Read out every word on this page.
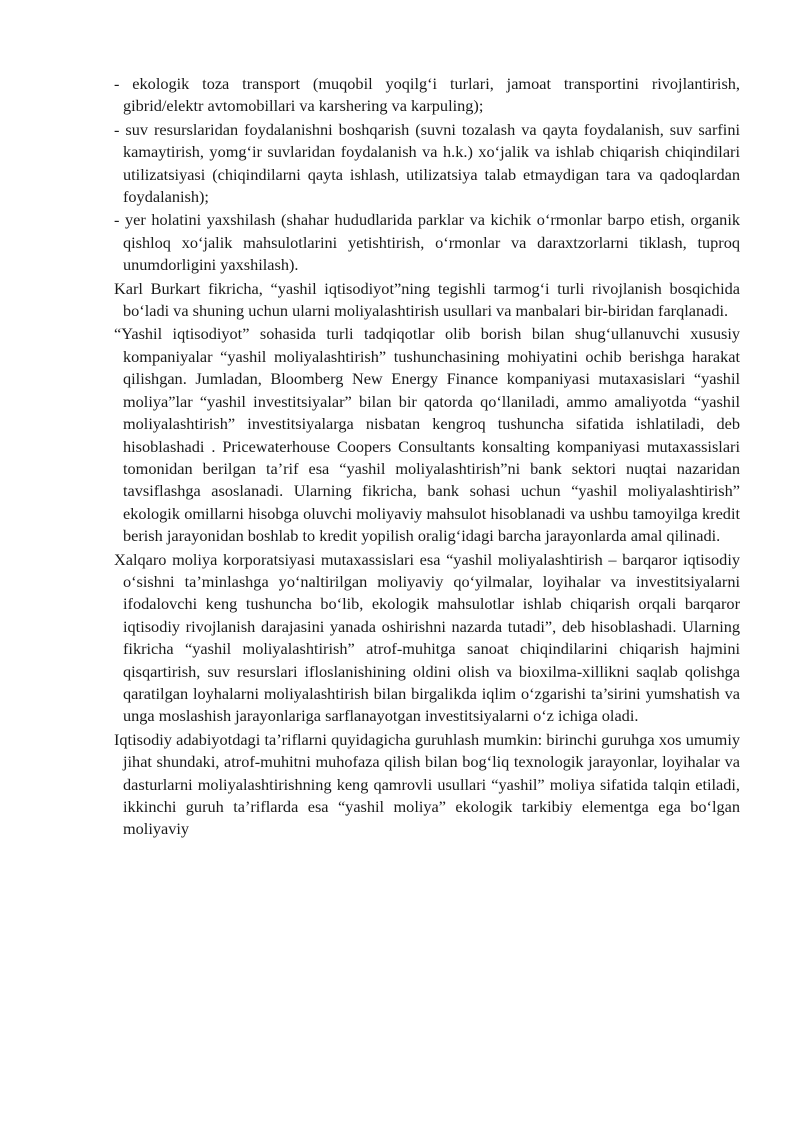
- ekologik toza transport (muqobil yoqilg‘i turlari, jamoat transportini rivojlantirish, gibrid/elektr avtomobillari va karshering va karpuling);

- suv resurslaridan foydalanishni boshqarish (suvni tozalash va qayta foydalanish, suv sarfini kamaytirish, yomg‘ir suvlaridan foydalanish va h.k.) xo‘jalik va ishlab chiqarish chiqindilari utilizatsiyasi (chiqindilarni qayta ishlash, utilizatsiya talab etmaydigan tara va qadoqlardan foydalanish);

- yer holatini yaxshilash (shahar hududlarida parklar va kichik o‘rmonlar barpo etish, organik qishloq xo‘jalik mahsulotlarini yetishtirish, o‘rmonlar va daraxtzorlarni tiklash, tuproq unumdorligini yaxshilash).

Karl Burkart fikricha, “yashil iqtisodiyot”ning tegishli tarmog‘i turli rivojlanish bosqichida bo‘ladi va shuning uchun ularni moliyalashtirish usullari va manbalari bir-biridan farqlanadi.

“Yashil iqtisodiyot” sohasida turli tadqiqotlar olib borish bilan shug‘ullanuvchi xususiy kompaniyalar “yashil moliyalashtirish” tushunchasining mohiyatini ochib berishga harakat qilishgan. Jumladan, Bloomberg New Energy Finance kompaniyasi mutaxasislari “yashil moliya”lar “yashil investitsiyalar” bilan bir qatorda qo‘llaniladi, ammo amaliyotda “yashil moliyalashtirish” investitsiyalarga nisbatan kengroq tushuncha sifatida ishlatiladi, deb hisoblashadi . Pricewaterhouse Coopers Consultants konsalting kompaniyasi mutaxassislari tomonidan berilgan ta’rif esa “yashil moliyalashtirish”ni bank sektori nuqtai nazaridan tavsiflashga asoslanadi. Ularning fikricha, bank sohasi uchun “yashil moliyalashtirish” ekologik omillarni hisobga oluvchi moliyaviy mahsulot hisoblanadi va ushbu tamoyilga kredit berish jarayonidan boshlab to kredit yopilish oralig‘idagi barcha jarayonlarda amal qilinadi.

Xalqaro moliya korporatsiyasi mutaxassislari esa “yashil moliyalashtirish – barqaror iqtisodiy o‘sishni ta’minlashga yo‘naltirilgan moliyaviy qo‘yilmalar, loyihalar va investitsiyalarni ifodalovchi keng tushuncha bo‘lib, ekologik mahsulotlar ishlab chiqarish orqali barqaror iqtisodiy rivojlanish darajasini yanada oshirishni nazarda tutadi”, deb hisoblashadi. Ularning fikricha “yashil moliyalashtirish” atrof-muhitga sanoat chiqindilarini chiqarish hajmini qisqartirish, suv resurslari ifloslanishining oldini olish va bioxilma-xillikni saqlab qolishga qaratilgan loyhalarni moliyalashtirish bilan birgalikda iqlim o‘zgarishi ta’sirini yumshatish va unga moslashish jarayonlariga sarflanayotgan investitsiyalarni o‘z ichiga oladi.

Iqtisodiy adabiyotdagi ta’riflarni quyidagicha guruhlash mumkin: birinchi guruhga xos umumiy jihat shundaki, atrof-muhitni muhofaza qilish bilan bog‘liq texnologik jarayonlar, loyihalar va dasturlarni moliyalashtirishning keng qamrovli usullari “yashil” moliya sifatida talqin etiladi, ikkinchi guruh ta’riflarda esa “yashil moliya” ekologik tarkibiy elementga ega bo‘lgan moliyaviy
